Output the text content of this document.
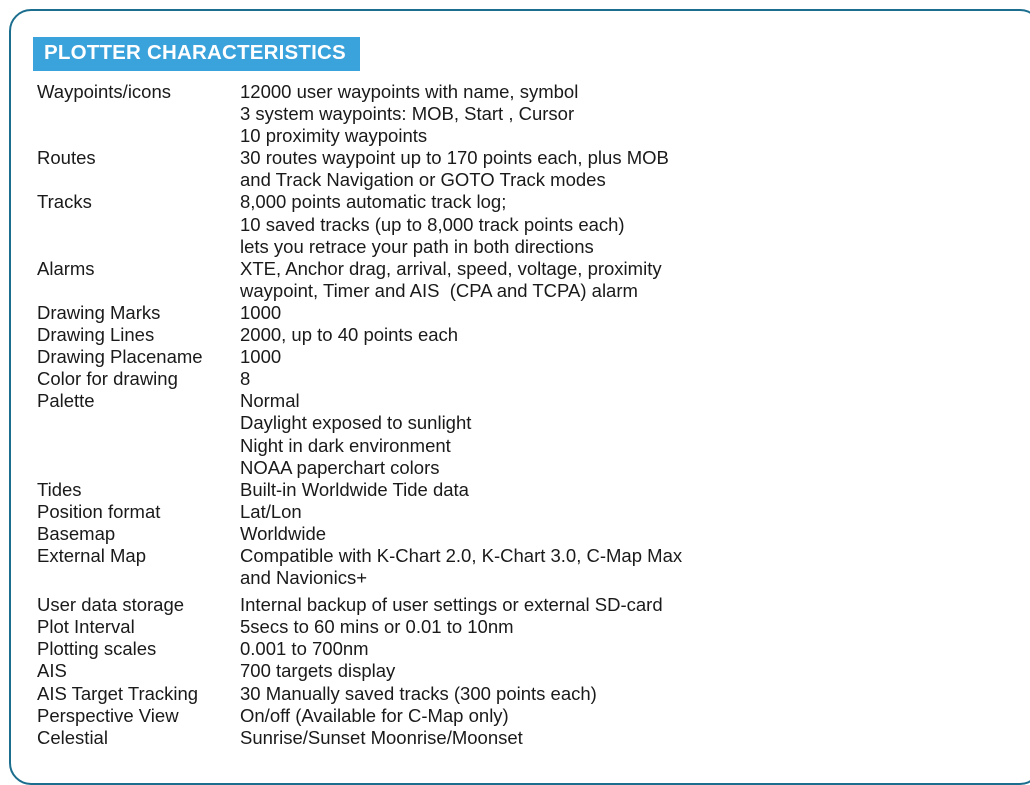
PLOTTER CHARACTERISTICS
Waypoints/icons	12000 user waypoints with name, symbol
3 system waypoints: MOB, Start , Cursor
10 proximity waypoints
Routes	30 routes waypoint up to 170 points each, plus MOB
and Track Navigation or GOTO Track modes
Tracks	8,000 points automatic track log;
10 saved tracks (up to 8,000 track points each)
lets you retrace your path in both directions
Alarms	XTE, Anchor drag, arrival, speed, voltage, proximity
waypoint, Timer and AIS  (CPA and TCPA) alarm
Drawing Marks	1000
Drawing Lines	2000, up to 40 points each
Drawing Placename	1000
Color for drawing	8
Palette	Normal
Daylight exposed to sunlight
Night in dark environment
NOAA paperchart colors
Tides	Built-in Worldwide Tide data
Position format	Lat/Lon
Basemap	Worldwide
External Map	Compatible with K-Chart 2.0, K-Chart 3.0, C-Map Max
and Navionics+
User data storage	Internal backup of user settings or external SD-card
Plot Interval	5secs to 60 mins or 0.01 to 10nm
Plotting scales	0.001 to 700nm
AIS	700 targets display
AIS Target Tracking	30 Manually saved tracks (300 points each)
Perspective View	On/off (Available for C-Map only)
Celestial	Sunrise/Sunset Moonrise/Moonset
